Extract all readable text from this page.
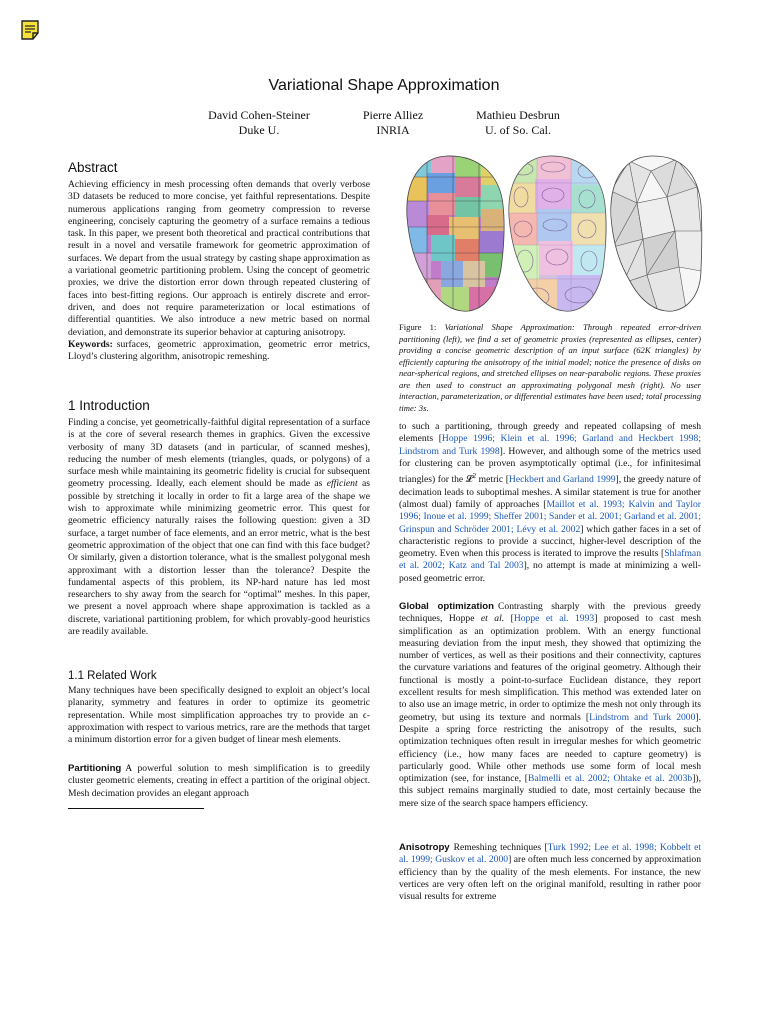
Variational Shape Approximation
David Cohen-Steiner
Duke U.
Pierre Alliez
INRIA
Mathieu Desbrun
U. of So. Cal.
Abstract
Achieving efficiency in mesh processing often demands that overly verbose 3D datasets be reduced to more concise, yet faithful representations. Despite numerous applications ranging from geometry compression to reverse engineering, concisely capturing the geometry of a surface remains a tedious task. In this paper, we present both theoretical and practical contributions that result in a novel and versatile framework for geometric approximation of surfaces. We depart from the usual strategy by casting shape approximation as a variational geometric partitioning problem. Using the concept of geometric proxies, we drive the distortion error down through repeated clustering of faces into best-fitting regions. Our approach is entirely discrete and error-driven, and does not require parameterization or local estimations of differential quantities. We also introduce a new metric based on normal deviation, and demonstrate its superior behavior at capturing anisotropy.
Keywords: surfaces, geometric approximation, geometric error metrics, Lloyd’s clustering algorithm, anisotropic remeshing.
1 Introduction
Finding a concise, yet geometrically-faithful digital representation of a surface is at the core of several research themes in graphics. Given the excessive verbosity of many 3D datasets (and in particular, of scanned meshes), reducing the number of mesh elements (triangles, quads, or polygons) of a surface mesh while maintaining its geometric fidelity is crucial for subsequent geometry processing. Ideally, each element should be made as efficient as possible by stretching it locally in order to fit a large area of the shape we wish to approximate while minimizing geometric error. This quest for geometric efficiency naturally raises the following question: given a 3D surface, a target number of face elements, and an error metric, what is the best geometric approximation of the object that one can find with this face budget? Or similarly, given a distortion tolerance, what is the smallest polygonal mesh approximant with a distortion lesser than the tolerance? Despite the fundamental aspects of this problem, its NP-hard nature has led most researchers to shy away from the search for “optimal” meshes. In this paper, we present a novel approach where shape approximation is tackled as a discrete, variational partitioning problem, for which provably-good heuristics are readily available.
1.1 Related Work
Many techniques have been specifically designed to exploit an object’s local planarity, symmetry and features in order to optimize its geometric representation. While most simplification approaches try to provide an ϵ-approximation with respect to various metrics, rare are the methods that target a minimum distortion error for a given budget of linear mesh elements.
Partitioning A powerful solution to mesh simplification is to greedily cluster geometric elements, creating in effect a partition of the original object. Mesh decimation provides an elegant approach
Figure 1: Variational Shape Approximation: Through repeated error-driven partitioning (left), we find a set of geometric proxies (represented as ellipses, center) providing a concise geometric description of an input surface (62K triangles) by efficiently capturing the anisotropy of the initial model; notice the presence of disks on near-spherical regions, and stretched ellipses on near-parabolic regions. These proxies are then used to construct an approximating polygonal mesh (right). No user interaction, parameterization, or differential estimates have been used; total processing time: 3s.
to such a partitioning, through greedy and repeated collapsing of mesh elements [Hoppe 1996; Klein et al. 1996; Garland and Heckbert 1998; Lindstrom and Turk 1998]. However, and although some of the metrics used for clustering can be proven asymptotically optimal (i.e., for infinitesimal triangles) for the 𝓛$^2$ metric [Heckbert and Garland 1999], the greedy nature of decimation leads to suboptimal meshes. A similar statement is true for another (almost dual) family of approaches [Maillot et al. 1993; Kalvin and Taylor 1996; Inoue et al. 1999; Sheffer 2001; Sander et al. 2001; Garland et al. 2001; Grinspun and Schröder 2001; Lévy et al. 2002] which gather faces in a set of characteristic regions to provide a succinct, higher-level description of the geometry. Even when this process is iterated to improve the results [Shlafman et al. 2002; Katz and Tal 2003], no attempt is made at minimizing a well-posed geometric error.
Global optimization Contrasting sharply with the previous greedy techniques, Hoppe et al. [Hoppe et al. 1993] proposed to cast mesh simplification as an optimization problem. With an energy functional measuring deviation from the input mesh, they showed that optimizing the number of vertices, as well as their positions and their connectivity, captures the curvature variations and features of the original geometry. Although their functional is mostly a point-to-surface Euclidean distance, they report excellent results for mesh simplification. This method was extended later on to also use an image metric, in order to optimize the mesh not only through its geometry, but using its texture and normals [Lindstrom and Turk 2000]. Despite a spring force restricting the anisotropy of the results, such optimization techniques often result in irregular meshes for which geometric efficiency (i.e., how many faces are needed to capture geometry) is particularly good. While other methods use some form of local mesh optimization (see, for instance, [Balmelli et al. 2002; Ohtake et al. 2003b]), this subject remains marginally studied to date, most certainly because the mere size of the search space hampers efficiency.
Anisotropy Remeshing techniques [Turk 1992; Lee et al. 1998; Kobbelt et al. 1999; Guskov et al. 2000] are often much less concerned by approximation efficiency than by the quality of the mesh elements. For instance, the new vertices are very often left on the original manifold, resulting in rather poor visual results for extreme
